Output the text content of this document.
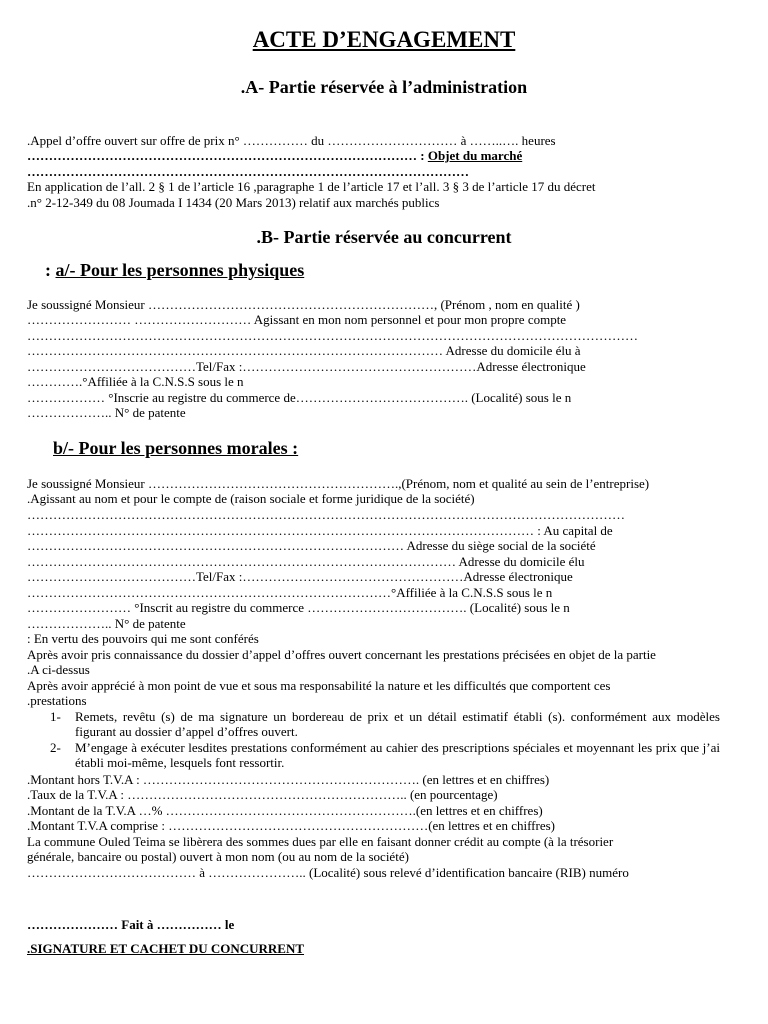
ACTE D’ENGAGEMENT
.A- Partie réservée à l’administration
.Appel d’offre ouvert sur offre de prix n° …………… du ………………………… à ……..…. heures
……………………………………………………………………………… : Objet du marché
…………………………………………………………………………………………
En application de l’all. 2 § 1 de l’article 16 ,paragraphe 1 de l’article 17 et l’all. 3 § 3 de l’article 17 du décret
.n° 2-12-349 du 08 Joumada I 1434 (20 Mars 2013) relatif aux marchés publics
.B- Partie réservée au concurrent
: a/- Pour les personnes physiques
Je soussigné Monsieur …………………………………………………………, (Prénom , nom en qualité )
…………………… ……………………… Agissant en mon nom personnel et pour mon propre compte
……………………………………………………………………………………………………………………………
…………………………………………………………………………………… Adresse du domicile élu à
…………………………………Tel/Fax :………………………………………………Adresse électronique
………….°Affiliée à la C.N.S.S sous le n
……………… °Inscrie au registre du commerce de…………………………………. (Localité) sous le n
……………….. N° de patente
b/- Pour les personnes morales :
Je soussigné Monsieur ………………………………………………….,(Prénom, nom et qualité au sein de l’entreprise)
.Agissant au nom et pour le compte de (raison sociale et forme juridique de la société)
…………………………………………………………………………………………………………………………
……………………………………………………………………………………………………… : Au capital de
…………………………………………………………………………… Adresse du siège social de la société
……………………………………………………………………………………… Adresse du domicile élu
…………………………………Tel/Fax :……………………………………………Adresse électronique
…………………………………………………………………………°Affiliée à la C.N.S.S sous le n
…………………… °Inscrit au registre du commerce ………………………………. (Localité) sous le n
……………….. N° de patente
: En vertu des pouvoirs qui me sont conférés
Après avoir pris connaissance du dossier d’appel d’offres ouvert concernant les prestations précisées en objet de la partie
.A ci-dessus
Après avoir apprécié à mon point de vue et sous ma responsabilité la nature et les difficultés que comportent ces
.prestations
1- Remets, revêtu (s) de ma signature un bordereau de prix et un détail estimatif établi (s). conformément aux modèles figurant au dossier d’appel d’offres ouvert.
2- M’engage à exécuter lesdites prestations conformément au cahier des prescriptions spéciales et moyennant les prix que j’ai établi moi-même, lesquels font ressortir.
.Montant hors T.V.A : ………………………………………………………. (en lettres et en chiffres)
.Taux de la T.V.A : ……………………………………………………….. (en pourcentage)
.Montant de la T.V.A …% ………………………………………………….(en lettres et en chiffres)
.Montant T.V.A comprise : ……………………………………………………(en lettres et en chiffres)
La commune Ouled Teima se libèrera des sommes dues par elle en faisant donner crédit au compte (à la trésorier
générale, bancaire ou postal) ouvert à mon nom (ou au nom de la société)
………………………………… à ………………….. (Localité) sous relevé d’identification bancaire (RIB) numéro
………………… Fait à …………… le
.SIGNATURE ET CACHET DU CONCURRENT
